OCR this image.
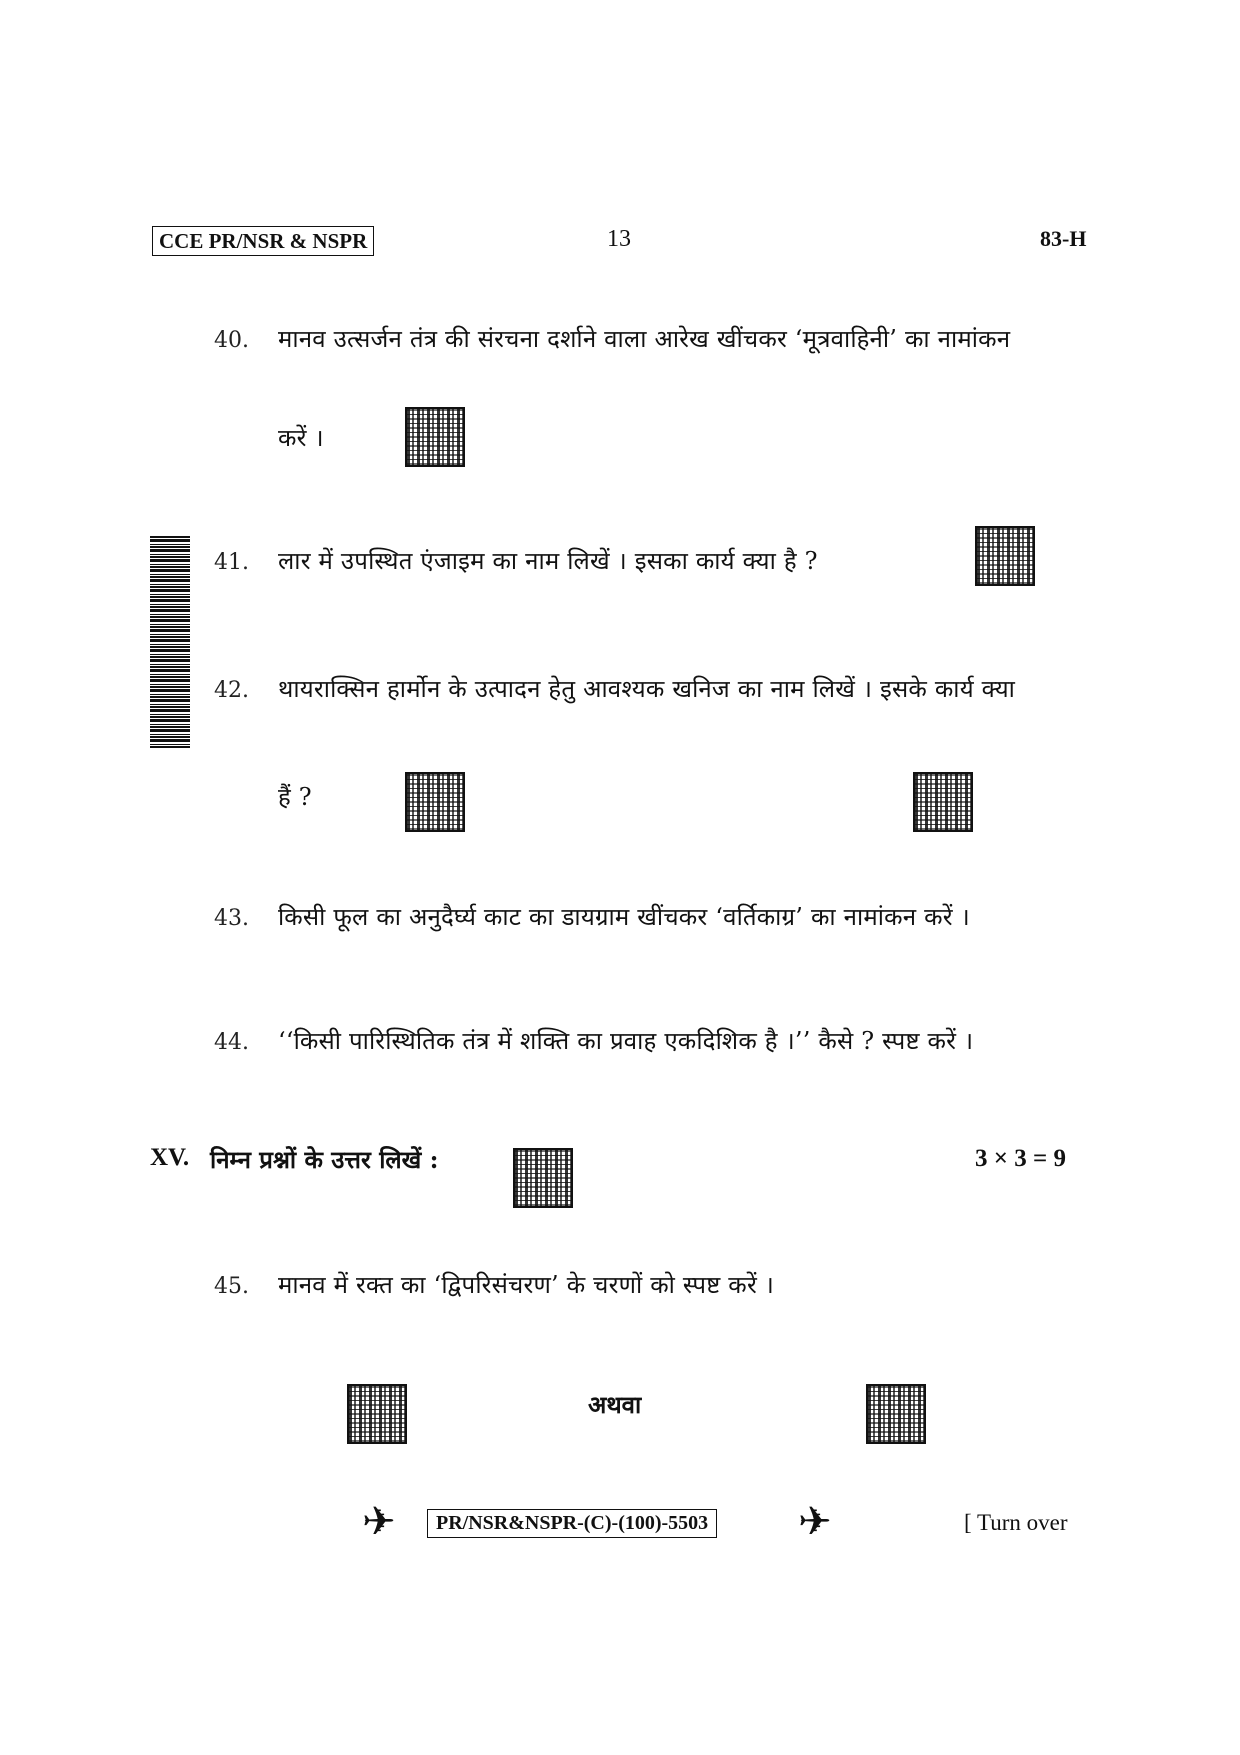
CCE PR/NSR & NSPR	13	83-H
40. मानव उत्सर्जन तंत्र की संरचना दर्शाने वाला आरेख खींचकर ‘मूत्रवाहिनी’ का नामांकन
करें ।
41. लार में उपस्थित एंजाइम का नाम लिखें । इसका कार्य क्या है ?
42. थायराक्सिन हार्मोन के उत्पादन हेतु आवश्यक खनिज का नाम लिखें । इसके कार्य क्या
हैं ?
43. किसी फूल का अनुदैर्घ्य काट का डायग्राम खींचकर ‘वर्तिकाग्र’ का नामांकन करें ।
44. ‘‘किसी पारिस्थितिक तंत्र में शक्ति का प्रवाह एकदिशिक है ।’’ कैसे ? स्पष्ट करें ।
XV. निम्न प्रश्नों के उत्तर लिखें :	3 × 3 = 9
45. मानव में रक्त का ‘द्विपरिसंचरण’ के चरणों को स्पष्ट करें ।
अथवा
✈	PR/NSR&NSPR-(C)-(100)-5503 ✈	[ Turn over
